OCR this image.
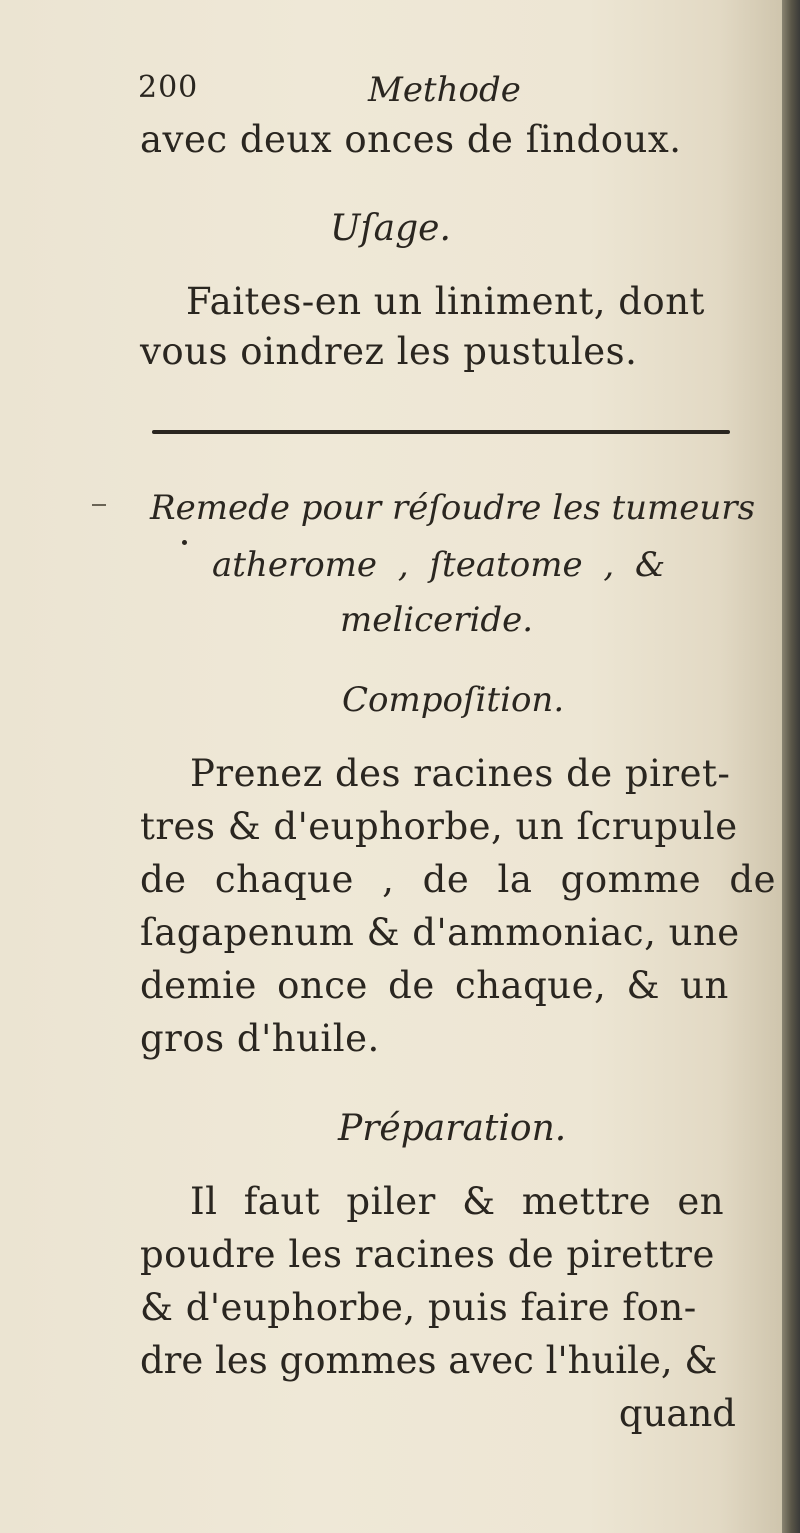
200	Methode
avec deux onces de ſindoux.
Uſage.
Faites-en un liniment, dont
vous oindrez les pustules.
Remede pour réſoudre les tumeurs
atherome , ſteatome , &
meliceride.
Compoſition.
Prenez des racines de piret-
tres & d'euphorbe, un ſcrupule
de chaque , de la gomme de
ſagapenum & d'ammoniac, une
demie once de chaque, & un
gros d'huile.
Préparation.
Il faut piler & mettre en
poudre les racines de pirettre
& d'euphorbe, puis faire fon-
dre les gommes avec l'huile, &
quand
